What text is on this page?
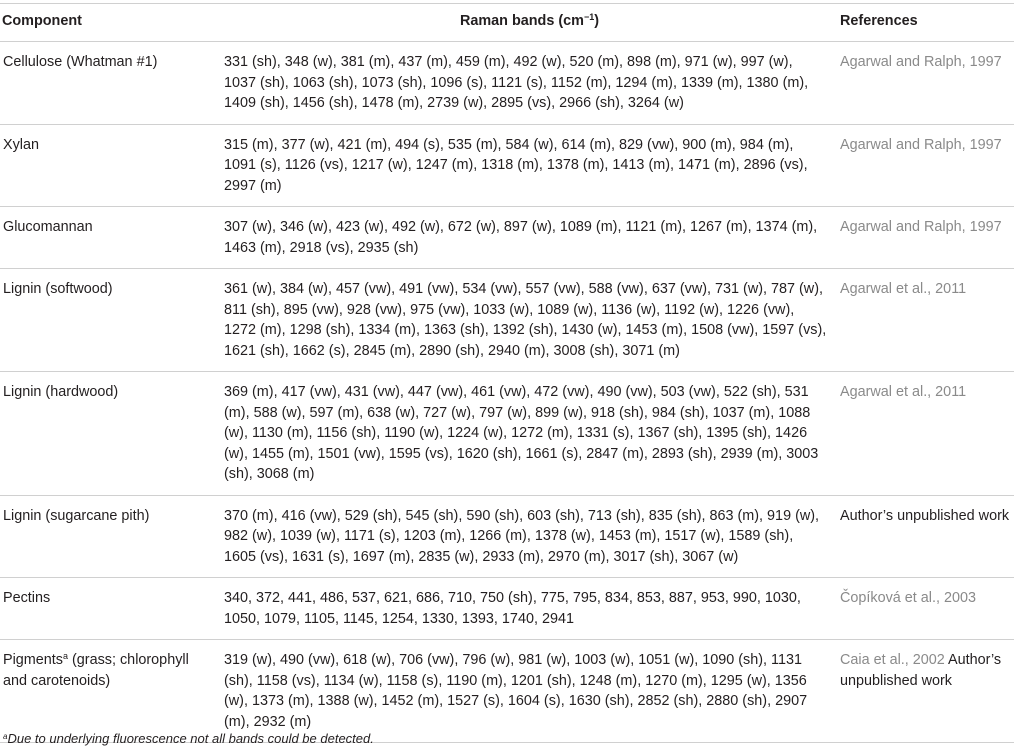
Component	Raman bands $(cm^{-1})$	References
Cellulose (Whatman #1)	331 (sh), 348 (w), 381 (m), 437 (m), 459 (m), 492 (w), 520 (m), 898 (m), 971 (w), 997 (w), 1037 (sh), 1063 (sh), 1073 (sh), 1096 (s), 1121 (s), 1152 (m), 1294 (m), 1339 (m), 1380 (m), 1409 (sh), 1456 (sh), 1478 (m), 2739 (w), 2895 (vs), 2966 (sh), 3264 (w)	Agarwal and Ralph, 1997
Xylan	315 (m), 377 (w), 421 (m), 494 (s), 535 (m), 584 (w), 614 (m), 829 (vw), 900 (m), 984 (m), 1091 (s), 1126 (vs), 1217 (w), 1247 (m), 1318 (m), 1378 (m), 1413 (m), 1471 (m), 2896 (vs), 2997 (m)	Agarwal and Ralph, 1997
Glucomannan	307 (w), 346 (w), 423 (w), 492 (w), 672 (w), 897 (w), 1089 (m), 1121 (m), 1267 (m), 1374 (m), 1463 (m), 2918 (vs), 2935 (sh)	Agarwal and Ralph, 1997
Lignin (softwood)	361 (w), 384 (w), 457 (vw), 491 (vw), 534 (vw), 557 (vw), 588 (vw), 637 (vw), 731 (w), 787 (w), 811 (sh), 895 (vw), 928 (vw), 975 (vw), 1033 (w), 1089 (w), 1136 (w), 1192 (w), 1226 (vw), 1272 (m), 1298 (sh), 1334 (m), 1363 (sh), 1392 (sh), 1430 (w), 1453 (m), 1508 (vw), 1597 (vs), 1621 (sh), 1662 (s), 2845 (m), 2890 (sh), 2940 (m), 3008 (sh), 3071 (m)	Agarwal et al., 2011
Lignin (hardwood)	369 (m), 417 (vw), 431 (vw), 447 (vw), 461 (vw), 472 (vw), 490 (vw), 503 (vw), 522 (sh), 531 (m), 588 (w), 597 (m), 638 (w), 727 (w), 797 (w), 899 (w), 918 (sh), 984 (sh), 1037 (m), 1088 (w), 1130 (m), 1156 (sh), 1190 (w), 1224 (w), 1272 (m), 1331 (s), 1367 (sh), 1395 (sh), 1426 (w), 1455 (m), 1501 (vw), 1595 (vs), 1620 (sh), 1661 (s), 2847 (m), 2893 (sh), 2939 (m), 3003 (sh), 3068 (m)	Agarwal et al., 2011
Lignin (sugarcane pith)	370 (m), 416 (vw), 529 (sh), 545 (sh), 590 (sh), 603 (sh), 713 (sh), 835 (sh), 863 (m), 919 (w), 982 (w), 1039 (w), 1171 (s), 1203 (m), 1266 (m), 1378 (w), 1453 (m), 1517 (w), 1589 (sh), 1605 (vs), 1631 (s), 1697 (m), 2835 (w), 2933 (m), 2970 (m), 3017 (sh), 3067 (w)	Author’s unpublished work
Pectins	340, 372, 441, 486, 537, 621, 686, 710, 750 (sh), 775, 795, 834, 853, 887, 953, 990, 1030, 1050, 1079, 1105, 1145, 1254, 1330, 1393, 1740, 2941	Čopíková et al., 2003
Pigments$^a$ (grass; chlorophyll and carotenoids)	319 (w), 490 (vw), 618 (w), 706 (vw), 796 (w), 981 (w), 1003 (w), 1051 (w), 1090 (sh), 1131 (sh), 1158 (vs), 1134 (w), 1158 (s), 1190 (m), 1201 (sh), 1248 (m), 1270 (m), 1295 (w), 1356 (w), 1373 (m), 1388 (w), 1452 (m), 1527 (s), 1604 (s), 1630 (sh), 2852 (sh), 2880 (sh), 2907 (m), 2932 (m)	Caia et al., 2002 Author’s unpublished work
$^a$Due to underlying fluorescence not all bands could be detected.
